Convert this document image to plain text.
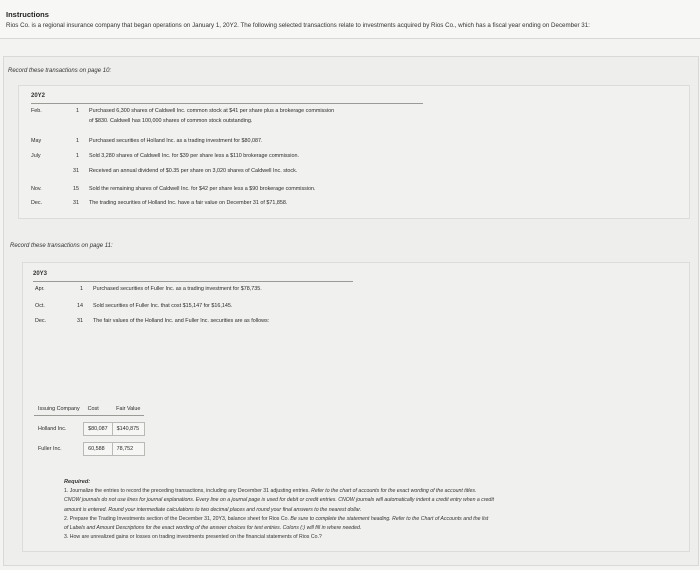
Instructions
Rios Co. is a regional insurance company that began operations on January 1, 20Y2. The following selected transactions relate to investments acquired by Rios Co., which has a fiscal year ending on December 31:
Record these transactions on page 10:
20Y2
Feb.	1 Purchased 6,300 shares of Caldwell Inc. common stock at $41 per share plus a brokerage commission
of $830. Caldwell has 100,000 shares of common stock outstanding.
May	1 Purchased securities of Holland Inc. as a trading investment for $80,087.
July	1 Sold 3,280 shares of Caldwell Inc. for $39 per share less a $110 brokerage commission.
31 Received an annual dividend of $0.35 per share on 3,020 shares of Caldwell Inc. stock.
Nov.	15 Sold the remaining shares of Caldwell Inc. for $42 per share less a $90 brokerage commission.
Dec.	31 The trading securities of Holland Inc. have a fair value on December 31 of $71,858.
Record these transactions on page 11:
20Y3
Apr.	1 Purchased securities of Fuller Inc. as a trading investment for $78,735.
Oct.	14 Sold securities of Fuller Inc. that cost $15,147 for $16,145.
Dec.	31 The fair values of the Holland Inc. and Fuller Inc. securities are as follows:
Issuing Company	Cost	Fair Value

Holland Inc.	$80,087	$140,875

Fuller Inc.	60,588	78,752

Required:

1. Journalize the entries to record the preceding transactions, including any December 31 adjusting entries. Refer to the chart of accounts for the exact wording of the account titles. CNOW journals do not use lines for journal explanations. Every line on a journal page is used for debit or credit entries. CNOW journals will automatically indent a credit entry when a credit amount is entered. Round your intermediate calculations to two decimal places and round your final answers to the nearest dollar.

2. Prepare the Trading Investments section of the December 31, 20Y3, balance sheet for Rios Co. Be sure to complete the statement heading. Refer to the Chart of Accounts and the list of Labels and Amount Descriptions for the exact wording of the answer choices for text entries. Colons (:) will fill in where needed.

3. How are unrealized gains or losses on trading investments presented on the financial statements of Rios Co.?
